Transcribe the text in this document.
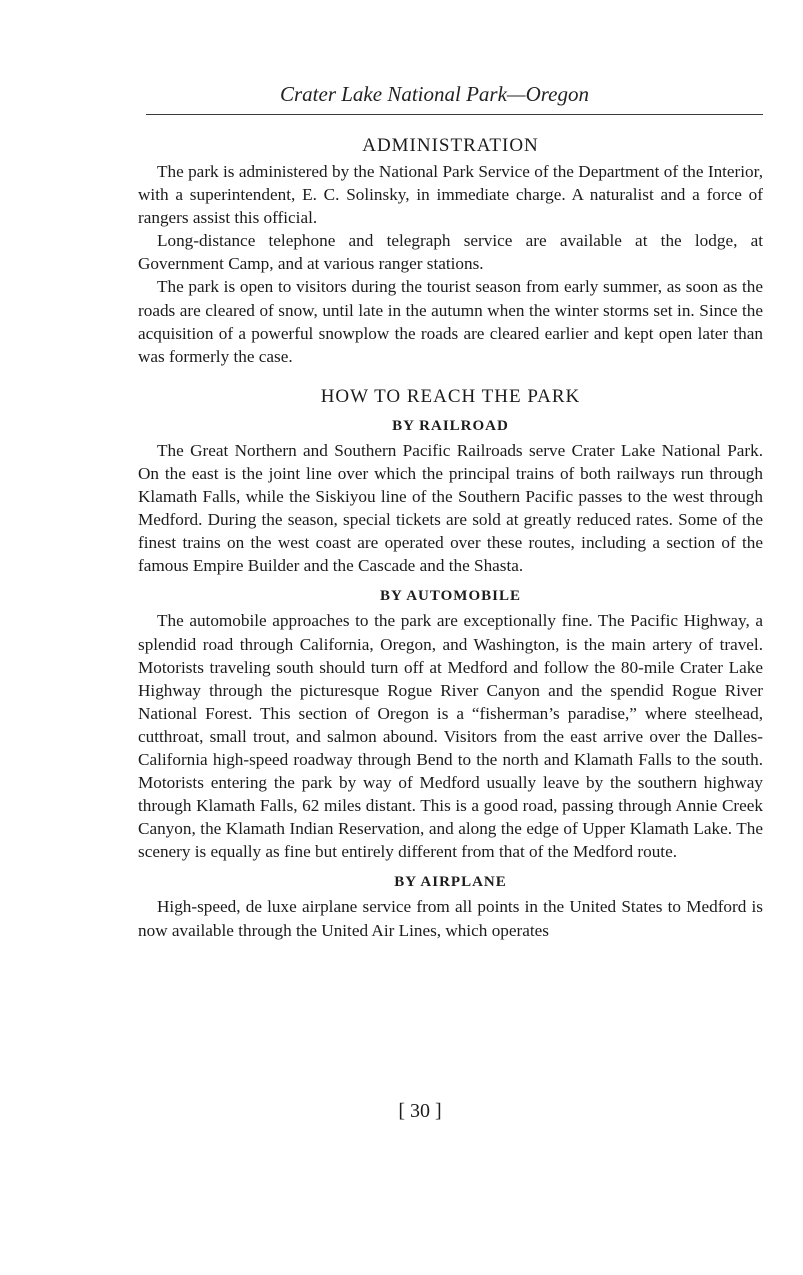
Crater Lake National Park—Oregon
ADMINISTRATION

The park is administered by the National Park Service of the Department of the Interior, with a superintendent, E. C. Solinsky, in immediate charge. A naturalist and a force of rangers assist this official.

Long-distance telephone and telegraph service are available at the lodge, at Government Camp, and at various ranger stations.

The park is open to visitors during the tourist season from early summer, as soon as the roads are cleared of snow, until late in the autumn when the winter storms set in. Since the acquisition of a powerful snowplow the roads are cleared earlier and kept open later than was formerly the case.

HOW TO REACH THE PARK
BY RAILROAD

The Great Northern and Southern Pacific Railroads serve Crater Lake National Park. On the east is the joint line over which the principal trains of both railways run through Klamath Falls, while the Siskiyou line of the Southern Pacific passes to the west through Medford. During the season, special tickets are sold at greatly reduced rates. Some of the finest trains on the west coast are operated over these routes, including a section of the famous Empire Builder and the Cascade and the Shasta.

BY AUTOMOBILE

The automobile approaches to the park are exceptionally fine. The Pacific Highway, a splendid road through California, Oregon, and Washington, is the main artery of travel. Motorists traveling south should turn off at Medford and follow the 80-mile Crater Lake Highway through the picturesque Rogue River Canyon and the spendid Rogue River National Forest. This section of Oregon is a “fisherman’s paradise,” where steelhead, cutthroat, small trout, and salmon abound. Visitors from the east arrive over the Dalles-California high-speed roadway through Bend to the north and Klamath Falls to the south. Motorists entering the park by way of Medford usually leave by the southern highway through Klamath Falls, 62 miles distant. This is a good road, passing through Annie Creek Canyon, the Klamath Indian Reservation, and along the edge of Upper Klamath Lake. The scenery is equally as fine but entirely different from that of the Medford route.

BY AIRPLANE

High-speed, de luxe airplane service from all points in the United States to Medford is now available through the United Air Lines, which operates

[ 30 ]
